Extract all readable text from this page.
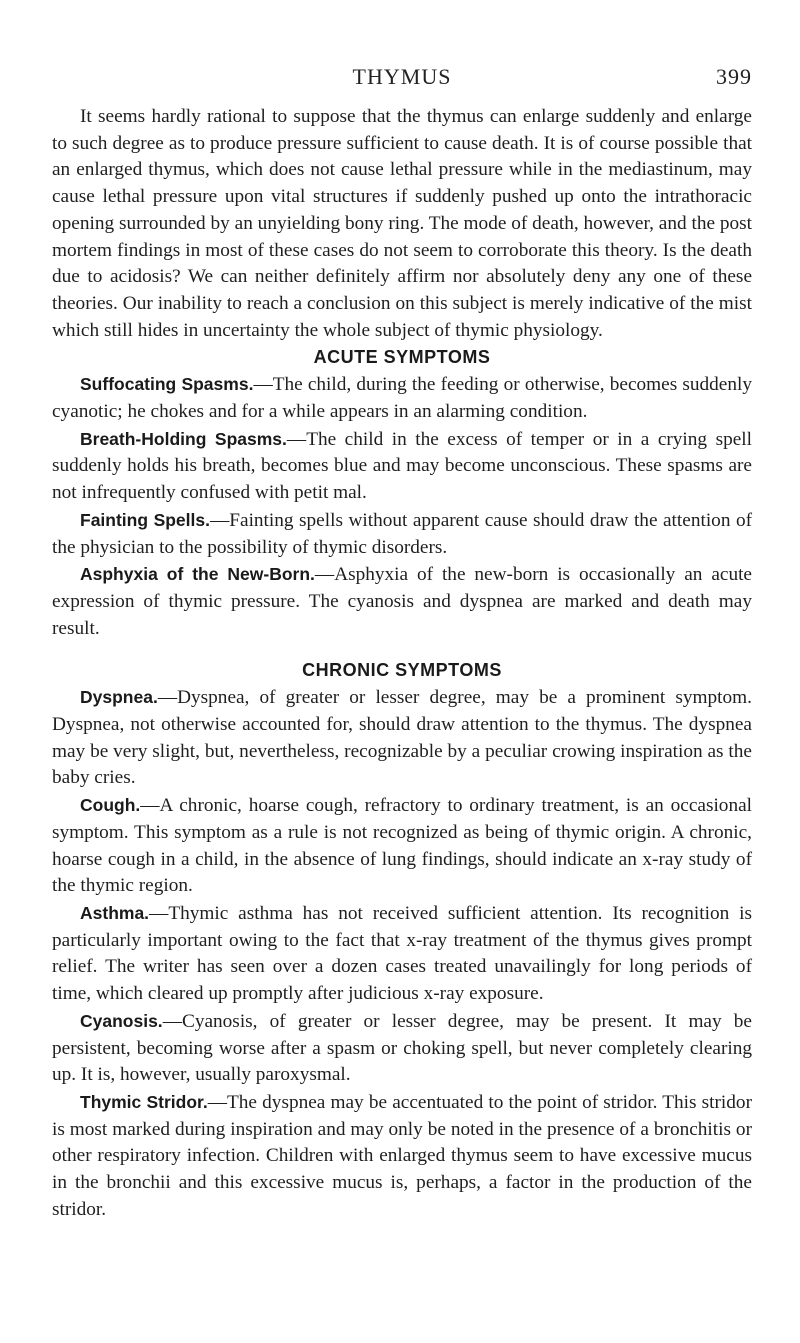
THYMUS	399

It seems hardly rational to suppose that the thymus can enlarge suddenly and enlarge to such degree as to produce pressure sufficient to cause death. It is of course possible that an enlarged thymus, which does not cause lethal pressure while in the mediastinum, may cause lethal pressure upon vital structures if suddenly pushed up onto the intrathoracic opening surrounded by an unyielding bony ring. The mode of death, however, and the post mortem findings in most of these cases do not seem to corroborate this theory. Is the death due to acidosis? We can neither definitely affirm nor absolutely deny any one of these theories. Our inability to reach a conclusion on this subject is merely indicative of the mist which still hides in uncertainty the whole subject of thymic physiology.

ACUTE SYMPTOMS

Suffocating Spasms.—The child, during the feeding or otherwise, becomes suddenly cyanotic; he chokes and for a while appears in an alarming condition.

Breath-Holding Spasms.—The child in the excess of temper or in a crying spell suddenly holds his breath, becomes blue and may become unconscious. These spasms are not infrequently confused with petit mal.

Fainting Spells.—Fainting spells without apparent cause should draw the attention of the physician to the possibility of thymic disorders.

Asphyxia of the New-Born.—Asphyxia of the new-born is occasionally an acute expression of thymic pressure. The cyanosis and dyspnea are marked and death may result.

CHRONIC SYMPTOMS

Dyspnea.—Dyspnea, of greater or lesser degree, may be a prominent symptom. Dyspnea, not otherwise accounted for, should draw attention to the thymus. The dyspnea may be very slight, but, nevertheless, recognizable by a peculiar crowing inspiration as the baby cries.

Cough.—A chronic, hoarse cough, refractory to ordinary treatment, is an occasional symptom. This symptom as a rule is not recognized as being of thymic origin. A chronic, hoarse cough in a child, in the absence of lung findings, should indicate an x-ray study of the thymic region.

Asthma.—Thymic asthma has not received sufficient attention. Its recognition is particularly important owing to the fact that x-ray treatment of the thymus gives prompt relief. The writer has seen over a dozen cases treated unavailingly for long periods of time, which cleared up promptly after judicious x-ray exposure.

Cyanosis.—Cyanosis, of greater or lesser degree, may be present. It may be persistent, becoming worse after a spasm or choking spell, but never completely clearing up. It is, however, usually paroxysmal.

Thymic Stridor.—The dyspnea may be accentuated to the point of stridor. This stridor is most marked during inspiration and may only be noted in the presence of a bronchitis or other respiratory infection. Children with enlarged thymus seem to have excessive mucus in the bronchii and this excessive mucus is, perhaps, a factor in the production of the stridor.
